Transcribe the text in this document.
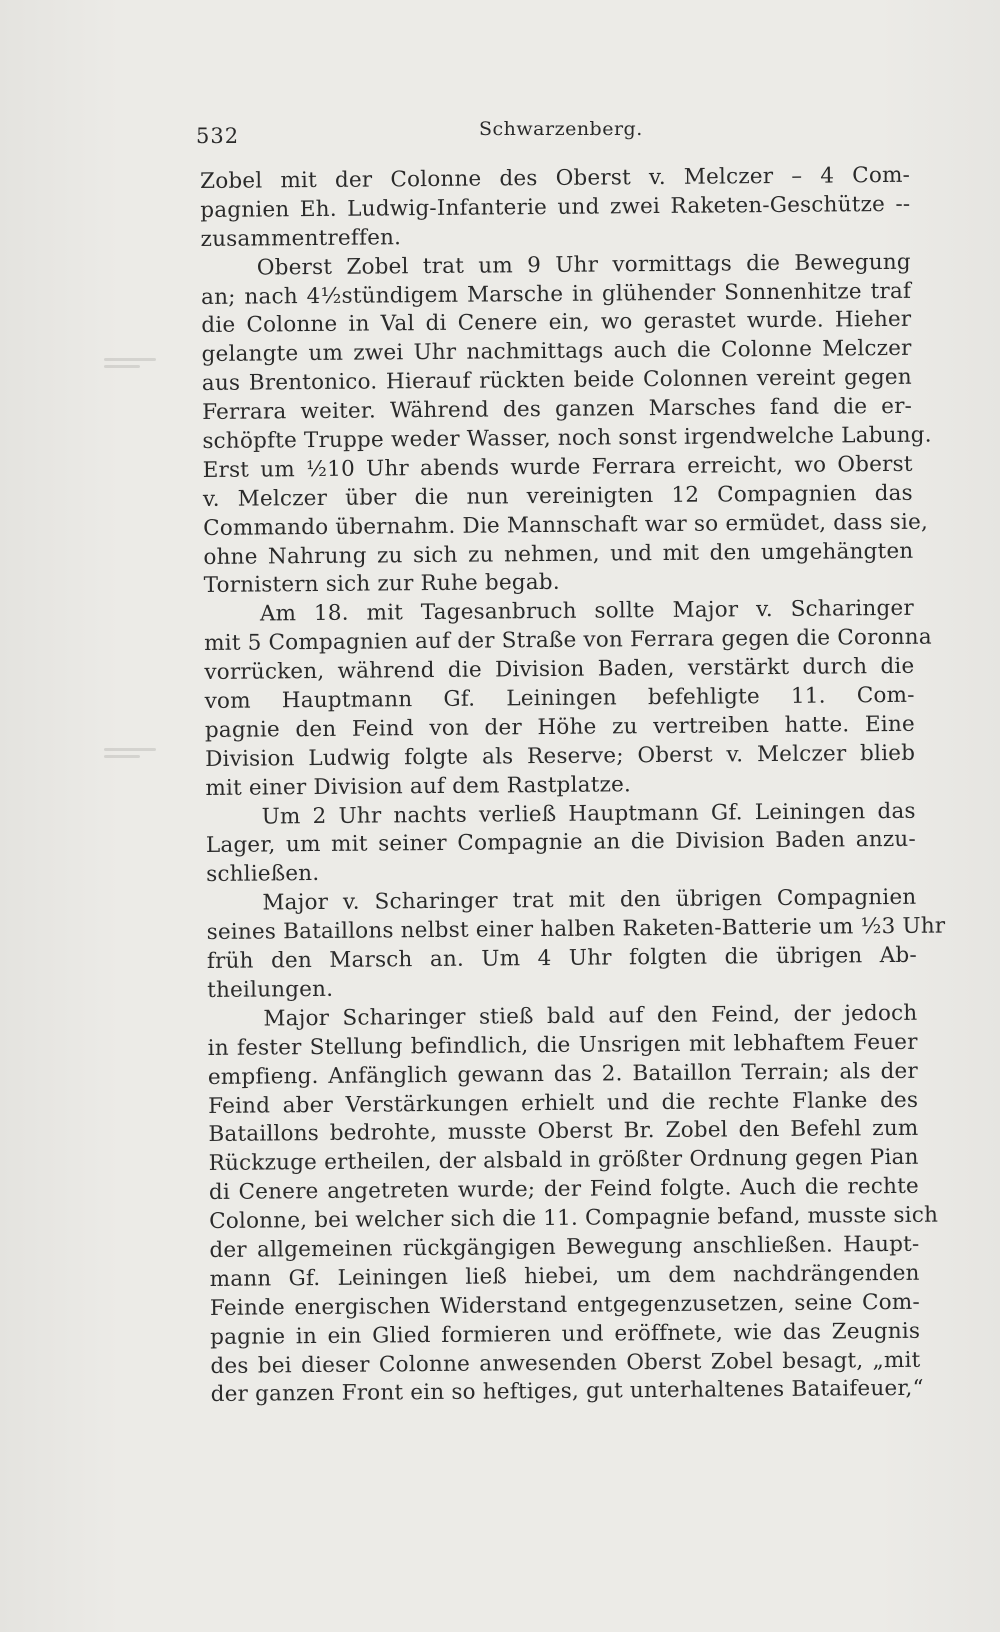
532	Schwarzenberg.
Zobel mit der Colonne des Oberst v. Melczer – 4 Com-
pagnien Eh. Ludwig-Infanterie und zwei Raketen-Geschütze --
zusammentreffen.
Oberst Zobel trat um 9 Uhr vormittags die Bewegung
an; nach 4½stündigem Marsche in glühender Sonnenhitze traf
die Colonne in Val di Cenere ein, wo gerastet wurde. Hieher
gelangte um zwei Uhr nachmittags auch die Colonne Melczer
aus Brentonico. Hierauf rückten beide Colonnen vereint gegen
Ferrara weiter. Während des ganzen Marsches fand die er-
schöpfte Truppe weder Wasser, noch sonst irgendwelche Labung.
Erst um ½10 Uhr abends wurde Ferrara erreicht, wo Oberst
v. Melczer über die nun vereinigten 12 Compagnien das
Commando übernahm. Die Mannschaft war so ermüdet, dass sie,
ohne Nahrung zu sich zu nehmen, und mit den umgehängten
Tornistern sich zur Ruhe begab.
Am 18. mit Tagesanbruch sollte Major v. Scharinger
mit 5 Compagnien auf der Straße von Ferrara gegen die Coronna
vorrücken, während die Division Baden, verstärkt durch die
vom Hauptmann Gf. Leiningen befehligte 11. Com-
pagnie den Feind von der Höhe zu vertreiben hatte. Eine
Division Ludwig folgte als Reserve; Oberst v. Melczer blieb
mit einer Division auf dem Rastplatze.
Um 2 Uhr nachts verließ Hauptmann Gf. Leiningen das
Lager, um mit seiner Compagnie an die Division Baden anzu-
schließen.
Major v. Scharinger trat mit den übrigen Compagnien
seines Bataillons nelbst einer halben Raketen-Batterie um ½3 Uhr
früh den Marsch an. Um 4 Uhr folgten die übrigen Ab-
theilungen.
Major Scharinger stieß bald auf den Feind, der jedoch
in fester Stellung befindlich, die Unsrigen mit lebhaftem Feuer
empfieng. Anfänglich gewann das 2. Bataillon Terrain; als der
Feind aber Verstärkungen erhielt und die rechte Flanke des
Bataillons bedrohte, musste Oberst Br. Zobel den Befehl zum
Rückzuge ertheilen, der alsbald in größter Ordnung gegen Pian
di Cenere angetreten wurde; der Feind folgte. Auch die rechte
Colonne, bei welcher sich die 11. Compagnie befand, musste sich
der allgemeinen rückgängigen Bewegung anschließen. Haupt-
mann Gf. Leiningen ließ hiebei, um dem nachdrängenden
Feinde energischen Widerstand entgegenzusetzen, seine Com-
pagnie in ein Glied formieren und eröffnete, wie das Zeugnis
des bei dieser Colonne anwesenden Oberst Zobel besagt, „mit
der ganzen Front ein so heftiges, gut unterhaltenes Bataifeuer,“
